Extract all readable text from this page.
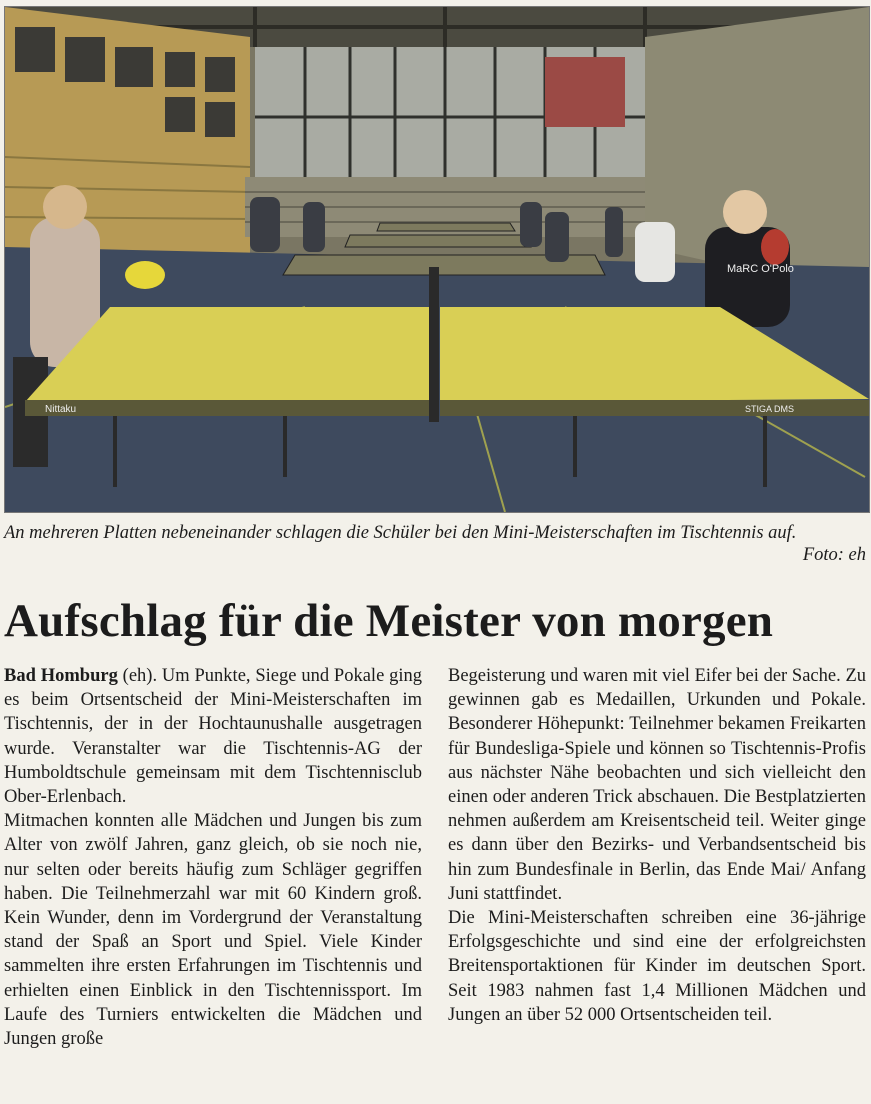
Nittaku	STIGA DMS
MaRC O'Polo
An mehreren Platten nebeneinander schlagen die Schüler bei den Mini-Meisterschaften im Tischtennis auf.
Foto: eh
Aufschlag für die Meister von morgen

Bad Homburg (eh). Um Punkte, Siege und Pokale ging es beim Ortsentscheid der Mini-Meisterschaften im Tischtennis, der in der Hochtaunushalle ausgetragen wurde. Veranstalter war die Tischtennis-AG der Humboldtschule gemeinsam mit dem Tischtennisclub Ober-Erlenbach.

Mitmachen konnten alle Mädchen und Jungen bis zum Alter von zwölf Jahren, ganz gleich, ob sie noch nie, nur selten oder bereits häufig zum Schläger gegriffen haben. Die Teilnehmerzahl war mit 60 Kindern groß. Kein Wunder, denn im Vordergrund der Veranstaltung stand der Spaß an Sport und Spiel. Viele Kinder sammelten ihre ersten Erfahrungen im Tischtennis und erhielten einen Einblick in den Tischtennissport. Im Laufe des Turniers entwickelten die Mädchen und Jungen große

Begeisterung und waren mit viel Eifer bei der Sache. Zu gewinnen gab es Medaillen, Urkunden und Pokale. Besonderer Höhepunkt: Teilnehmer bekamen Freikarten für Bundesliga-Spiele und können so Tischtennis-Profis aus nächster Nähe beobachten und sich vielleicht den einen oder anderen Trick abschauen. Die Bestplatzierten nehmen außerdem am Kreisentscheid teil. Weiter ginge es dann über den Bezirks- und Verbandsentscheid bis hin zum Bundesfinale in Berlin, das Ende Mai/ Anfang Juni stattfindet.

Die Mini-Meisterschaften schreiben eine 36-jährige Erfolgsgeschichte und sind eine der erfolgreichsten Breitensportaktionen für Kinder im deutschen Sport. Seit 1983 nahmen fast 1,4 Millionen Mädchen und Jungen an über 52 000 Ortsentscheiden teil.
